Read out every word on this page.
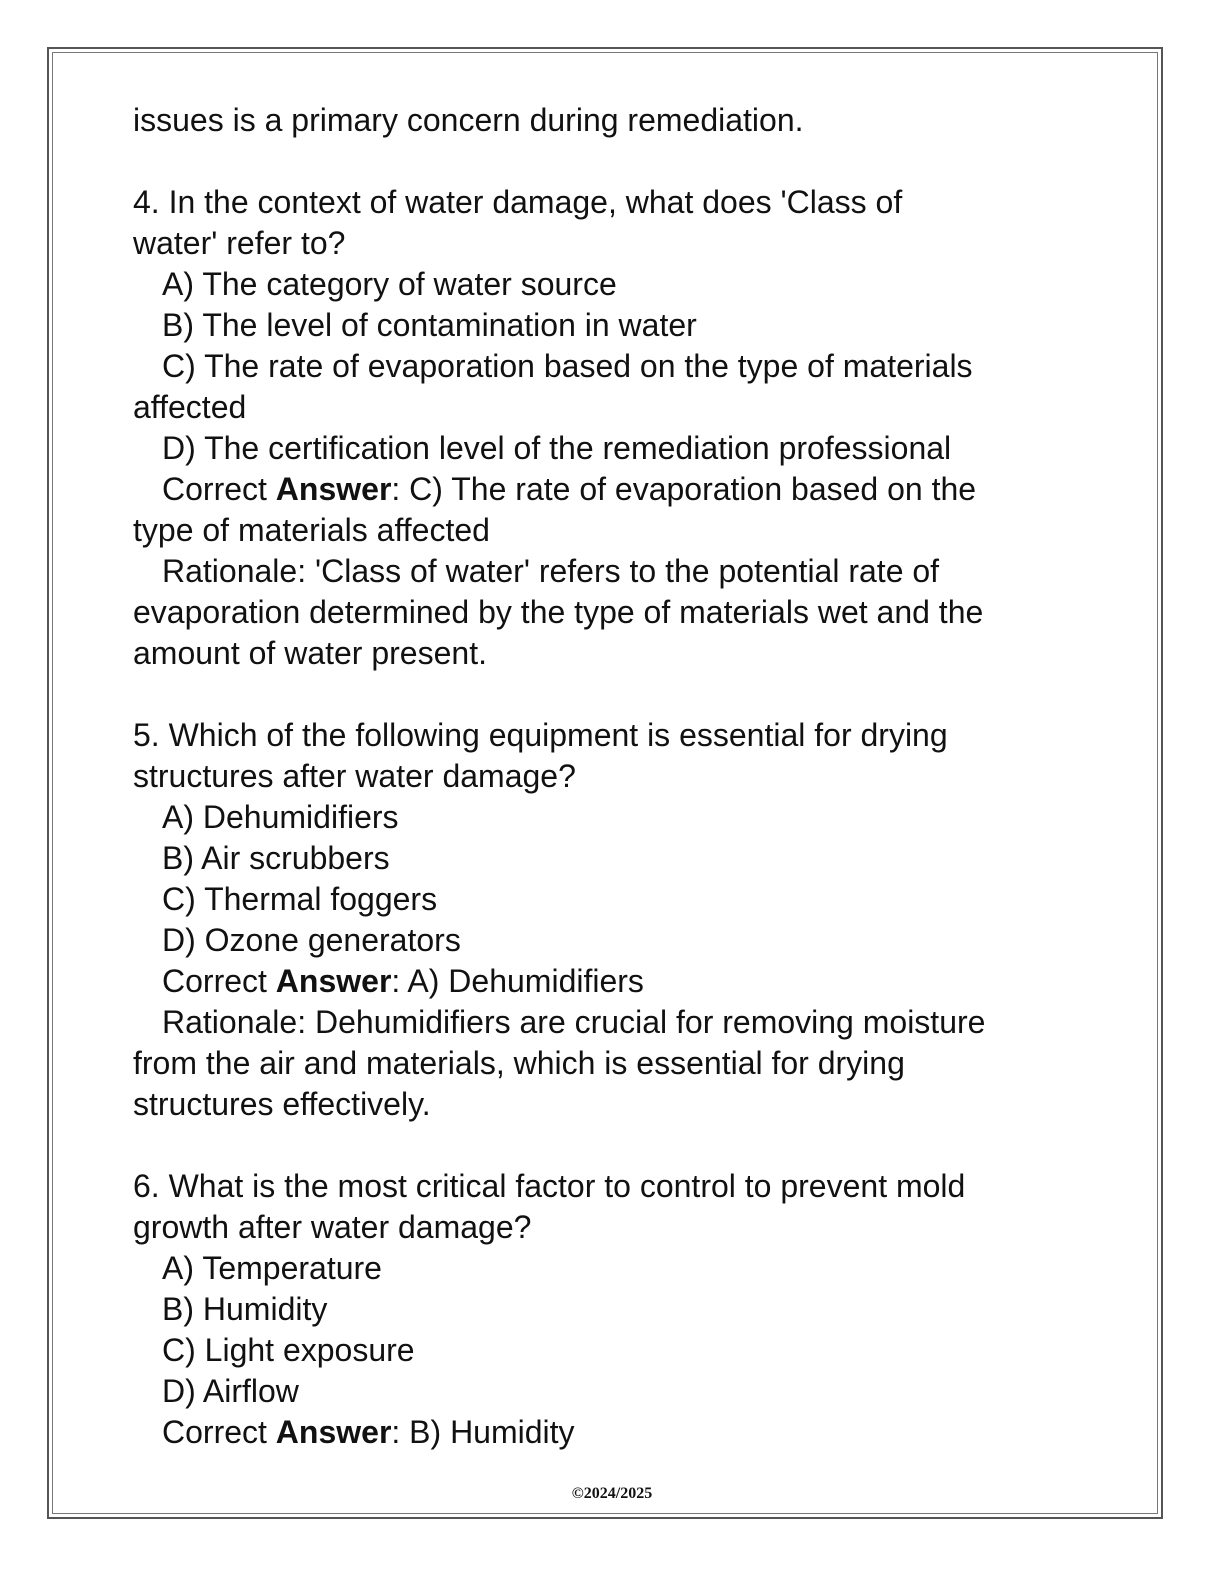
issues is a primary concern during remediation.
4. In the context of water damage, what does 'Class of
water' refer to?
A) The category of water source
B) The level of contamination in water
C) The rate of evaporation based on the type of materials
affected
D) The certification level of the remediation professional
Correct Answer: C) The rate of evaporation based on the
type of materials affected
Rationale: 'Class of water' refers to the potential rate of
evaporation determined by the type of materials wet and the
amount of water present.
5. Which of the following equipment is essential for drying
structures after water damage?
A) Dehumidifiers
B) Air scrubbers
C) Thermal foggers
D) Ozone generators
Correct Answer: A) Dehumidifiers
Rationale: Dehumidifiers are crucial for removing moisture
from the air and materials, which is essential for drying
structures effectively.
6. What is the most critical factor to control to prevent mold
growth after water damage?
A) Temperature
B) Humidity
C) Light exposure
D) Airflow
Correct Answer: B) Humidity
©2024/2025
